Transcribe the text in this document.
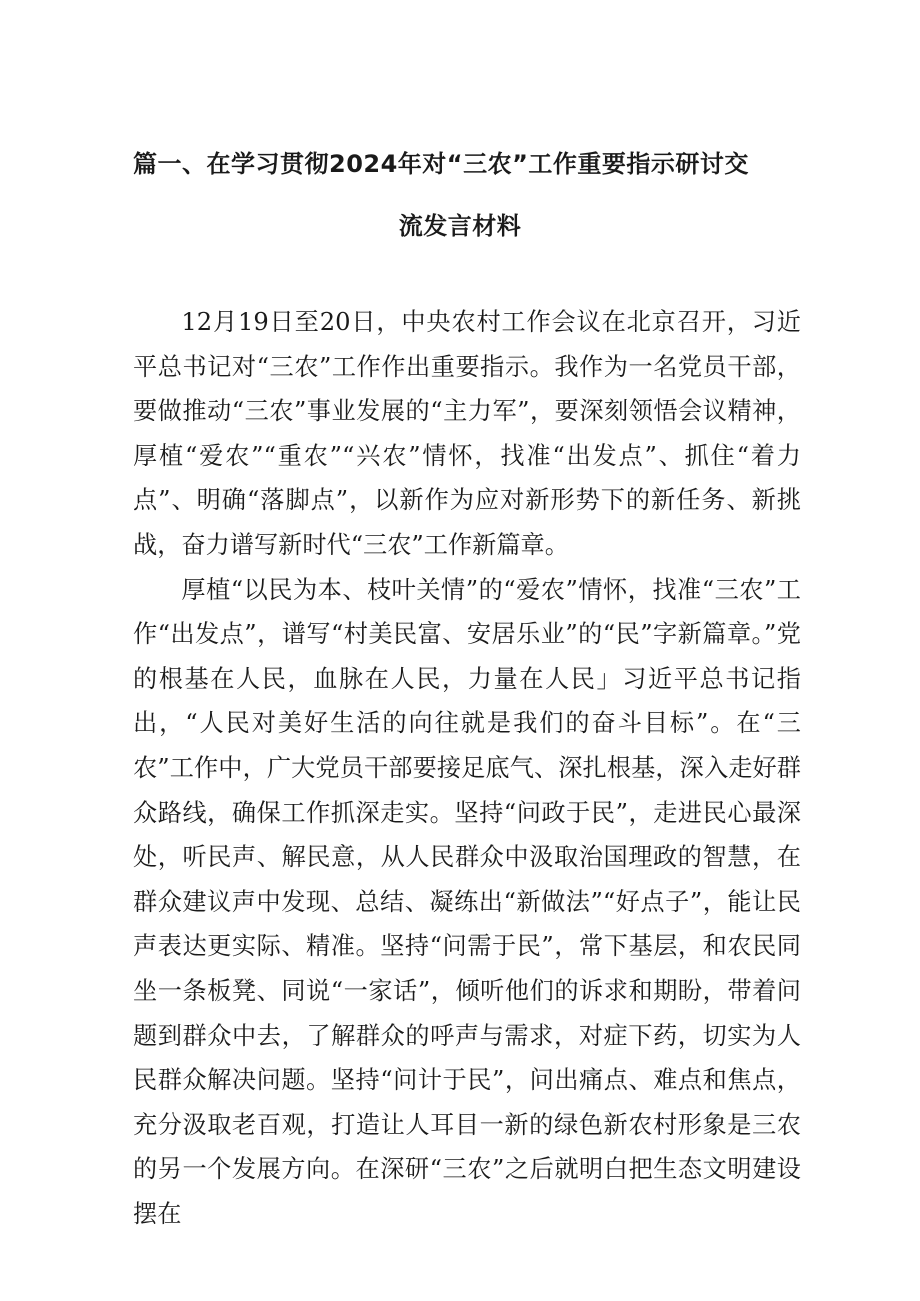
篇一、在学习贯彻2024年对“三农”工作重要指示研讨交
流发言材料

12月19日至20日，中央农村工作会议在北京召开，习近平总书记对“三农”工作作出重要指示。我作为一名党员干部，要做推动“三农”事业发展的“主力军”，要深刻领悟会议精神，厚植“爱农”“重农”“兴农”情怀，找准“出发点”、抓住“着力点”、明确“落脚点”，以新作为应对新形势下的新任务、新挑战，奋力谱写新时代“三农”工作新篇章。

厚植“以民为本、枝叶关情”的“爱农”情怀，找准“三农”工作“出发点”，谱写“村美民富、安居乐业”的“民”字新篇章。”党的根基在人民，血脉在人民，力量在人民」习近平总书记指出，“人民对美好生活的向往就是我们的奋斗目标”。在“三农”工作中，广大党员干部要接足底气、深扎根基，深入走好群众路线，确保工作抓深走实。坚持“问政于民”，走进民心最深处，听民声、解民意，从人民群众中汲取治国理政的智慧，在群众建议声中发现、总结、凝练出“新做法”“好点子”，能让民声表达更实际、精准。坚持“问需于民”，常下基层，和农民同坐一条板凳、同说“一家话”，倾听他们的诉求和期盼，带着问题到群众中去，了解群众的呼声与需求，对症下药，切实为人民群众解决问题。坚持“问计于民”，问出痛点、难点和焦点，充分汲取老百观，打造让人耳目一新的绿色新农村形象是三农的另一个发展方向。在深研“三农”之后就明白把生态文明建设摆在
